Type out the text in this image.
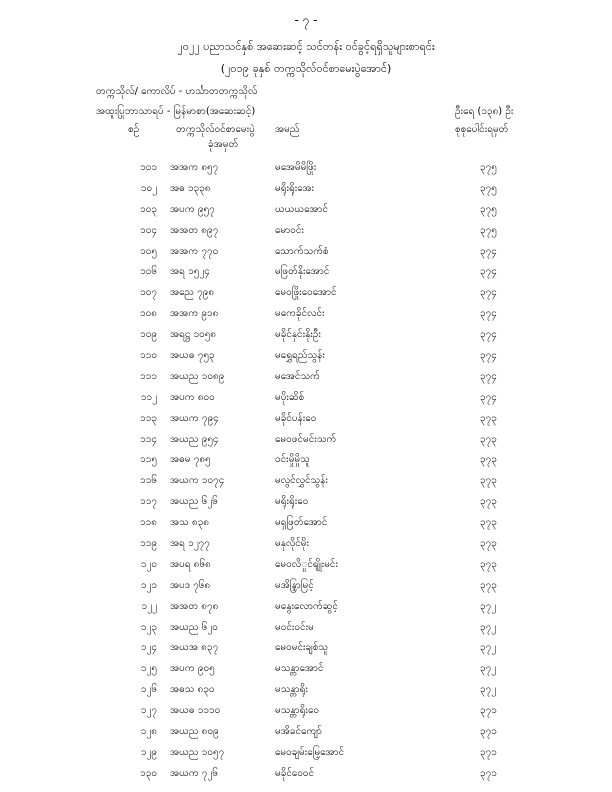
- ၇ -
၂၀၂၂ ပညာသင်နှစ် အဆေးဆင့် သင်တန်း ဝင်ခွင့်ရရှိသူများစာရင်း
(၂၀၁၉ ခုနှစ် တက္ကသိုလ်ဝင်စာမေးပွဲအောင်)
တက္ကသိုလ်/ ကောလိပ် - ဟင်္သာတတက္ကသိုလ်
အထူးပြုဘာသာရပ် - မြန်မာစာ(အဆေးဆင့်)	ဦးရေ (၁၃၈) ဦး
စဉ်	တက္ကသိုလ်ဝင်စာမေးပွဲ
ခုံအမှတ်
အမည်	စုစုပေါင်းရမှတ်
၁၀၁ အအက ၈၅၇	မအေမိမိဖြိုး	၃၇၅
၁၀၂ အဓ ၁၃၃၈	မရိုးရိုးအေး	၃၇၅
၁၀၃ အပက ၉၅၇	ယယယအောင်	၃၇၅
၁၀၄ အအတ ၈၉၇	မောဝင်း	၃၇၅
၁၀၅ အအက ၇၇၀	သောက်သက်စံ	၃၇၄
၁၀၆ အရ ၁၅၂၄	မဖြတ်နိုးအောင်	၃၇၄
၁၀၇ အညေ ၇၉၈	မေဝဖြိုးဝေအောင်	၃၇၄
၁၀၈ အအက ၉၁၈	မကေခိုင်လင်း	၃၇၄
၁၀၉ အရဋ္ဌ ၁၀၅၈	မခိုင်နှင်းနိုးဦး	၃၇၄
၁၁၀ အယဓ ၇၅၃	မရွှေရည်သွန်း	၃၇၄
၁၁၁ အယည ၁၀၈၉	မအေင်သက်	၃၇၄
၁၁၂ အပက ၈၀၀	မပိုးဆိစ်	၃၇၄
၁၁၃ အယက ၇၉၄	မခိုင်ပန်းဝေ	၃၇၃
၁၁၄ အယည ၉၅၄	မေဝဖင်မင်းသက်	၃၇၃
၁၁၅ အဓမ ၇၈၅	ဝင်းမှိုမှိုသူ	၃၇၃
၁၁၆ အယက ၁၀၇၄	မလွင်လွှင်သွန်း	၃၇၃
၁၁၇ အယည ၆၂၆	မရိုးရိုးဝေ	၃၇၃
၁၁၈ အသ ၈၃၈	မရှဖြတ်အောင်	၃၇၃
၁၁၉ အရ ၁၂၇၇	မနုလိုင်မိုး	၃၇၃
၁၂၀ အပရ ၈၆၈	မေဝလိှုင်ရျိုးမင်း	၃၇၃
၁၂၁ အပဒ ၇၆၈	မအိန္ဒြာမြင့်	၃၇၃
၁၂၂ အအတ ၈၇၈	မနွေးလောက်ဆွင့်	၃၇၂
၁၂၃ အယည ၆၂၀	မဝင်းဝင်းမ	၃၇၂
၁၂၄ အယအ ၈၃၇	မေဝမင်းချစ်သူ	၃၇၂
၁၂၅ အပက ၉၀၅	မသန္တာအောင်	၃၇၂
၁၂၆ အဓသ ၈၃၀	မသန္တာရိုး	၃၇၂
၁၂၇ အယဓ ၁၁၁၀	မသန္တာရိုးဝေ	၃၇၁
၁၂၈ အယည ၈၀၉	မအိခင်ကျော်	၃၇၁
၁၂၉ အယည ၁၀၅၇	မေဝချမ်းမြေ့အောင်	၃၇၁
၁၃၀ အယက ၇၂၆	မခိုင်ဝေဝင်	၃၇၁
